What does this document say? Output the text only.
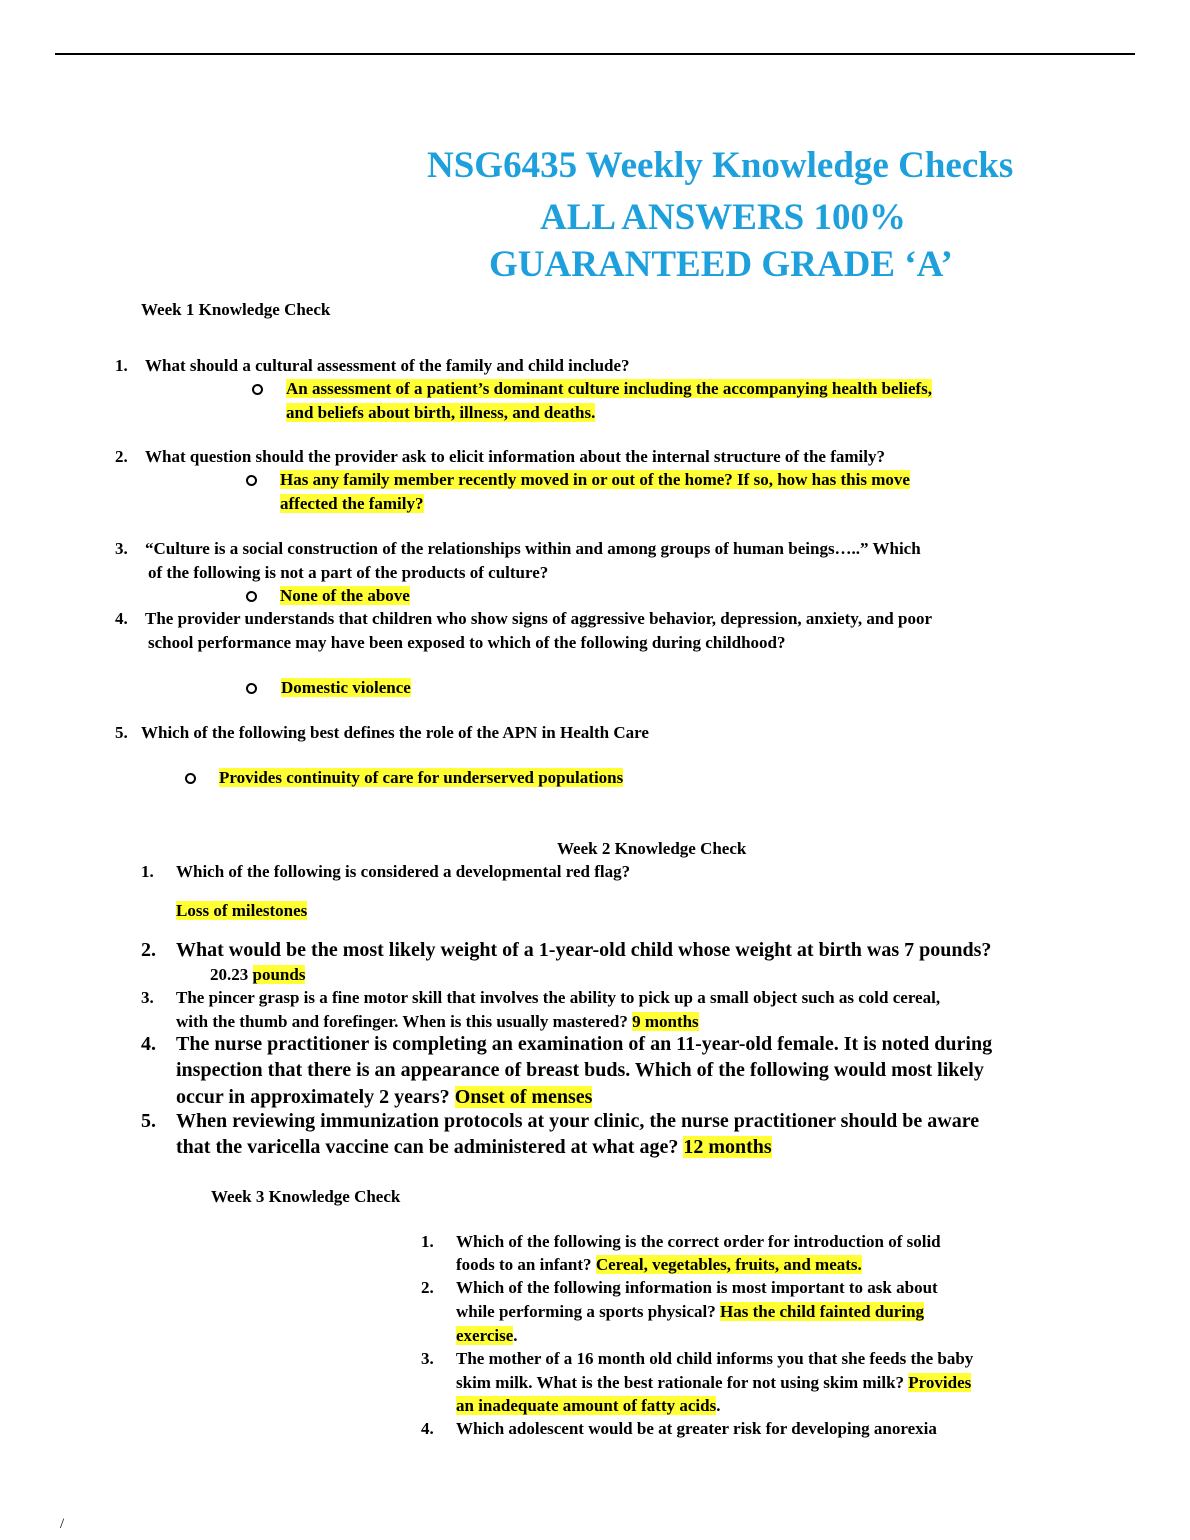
NSG6435 Weekly Knowledge Checks
ALL ANSWERS 100%
GUARANTEED GRADE ‘A’
Week 1 Knowledge Check
1. What should a cultural assessment of the family and child include?
An assessment of a patient’s dominant culture including the accompanying health beliefs,
and beliefs about birth, illness, and deaths.
2. What question should the provider ask to elicit information about the internal structure of the family?
Has any family member recently moved in or out of the home? If so, how has this move
affected the family?
3. “Culture is a social construction of the relationships within and among groups of human beings…..” Which
of the following is not a part of the products of culture?
None of the above
4. The provider understands that children who show signs of aggressive behavior, depression, anxiety, and poor
school performance may have been exposed to which of the following during childhood?
Domestic violence
5. Which of the following best defines the role of the APN in Health Care
Provides continuity of care for underserved populations
Week 2 Knowledge Check
1. Which of the following is considered a developmental red flag?
Loss of milestones
2. What would be the most likely weight of a 1-year-old child whose weight at birth was 7 pounds?
20.23 pounds
3. The pincer grasp is a fine motor skill that involves the ability to pick up a small object such as cold cereal,
with the thumb and forefinger. When is this usually mastered? 9 months
4. The nurse practitioner is completing an examination of an 11-year-old female. It is noted during
inspection that there is an appearance of breast buds. Which of the following would most likely
occur in approximately 2 years? Onset of menses
5. When reviewing immunization protocols at your clinic, the nurse practitioner should be aware
that the varicella vaccine can be administered at what age? 12 months
Week 3 Knowledge Check
1. Which of the following is the correct order for introduction of solid
foods to an infant? Cereal, vegetables, fruits, and meats.
2. Which of the following information is most important to ask about
while performing a sports physical? Has the child fainted during
exercise.
3. The mother of a 16 month old child informs you that she feeds the baby
skim milk. What is the best rationale for not using skim milk? Provides
an inadequate amount of fatty acids.
4. Which adolescent would be at greater risk for developing anorexia
/
